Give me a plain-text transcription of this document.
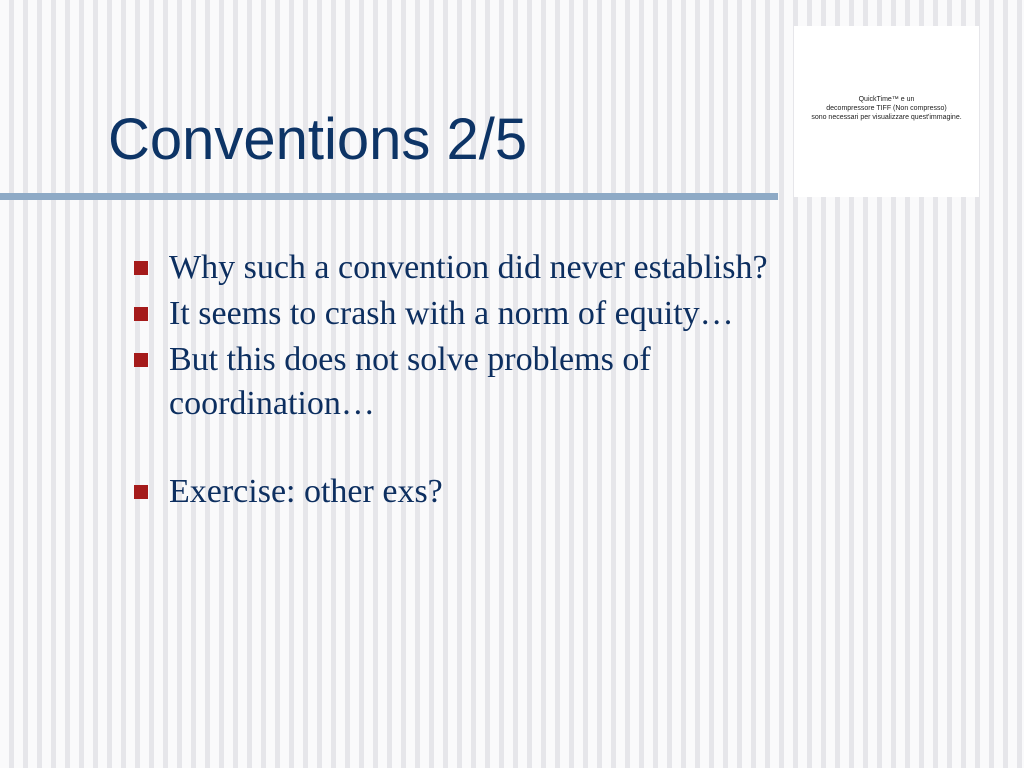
Conventions 2/5
QuickTime™ e un
decompressore TIFF (Non compresso)
sono necessari per visualizzare quest'immagine.
Why such a convention did never establish?
It seems to crash with a norm of equity…
But this does not solve problems of coordination…
Exercise: other exs?
